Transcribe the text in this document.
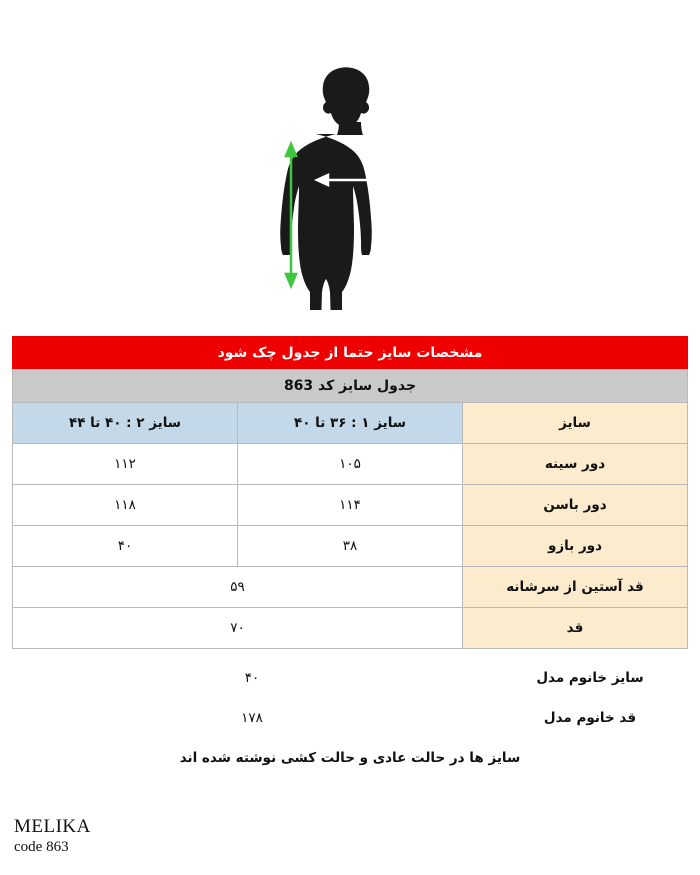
مشخصات سایز حتما از جدول چک شود		
جدول سایز کد 863		
سایز	سایز ۱ : ۳۶ تا ۴۰	سایز ۲ : ۴۰ تا ۴۴
دور سینه	۱۰۵	۱۱۲
دور باسن	۱۱۴	۱۱۸
دور بازو	۳۸	۴۰
قد آستین از سرشانه	۵۹	
قد	۷۰	
سایز خانوم مدل
۴۰
قد خانوم مدل
۱۷۸
سایز ها در حالت عادی و حالت کشی نوشته شده اند
MELIKA
code 863
